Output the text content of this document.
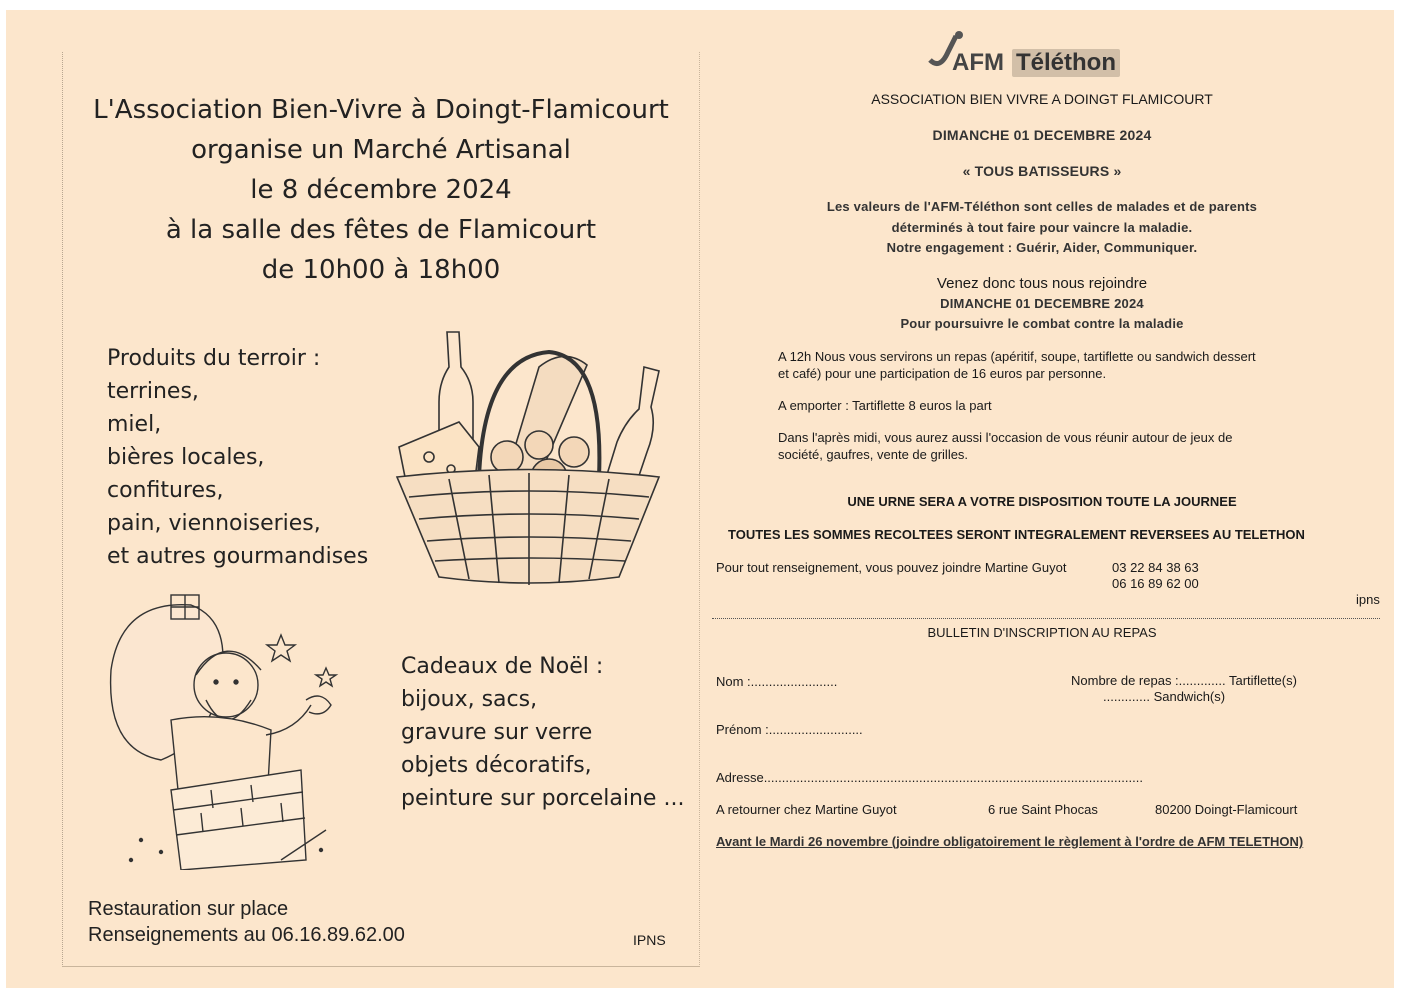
L'Association Bien-Vivre à Doingt-Flamicourt
organise un Marché Artisanal
le 8 décembre 2024
à la salle des fêtes de Flamicourt
de 10h00 à 18h00
Produits du terroir :
terrines,
miel,
bières locales,
confitures,
pain, viennoiseries,
et autres gourmandises
Cadeaux de Noël :
bijoux, sacs,
gravure sur verre
objets décoratifs,
peinture sur porcelaine ...
Restauration sur place
Renseignements au 06.16.89.62.00	IPNS
AFM Téléthon
ASSOCIATION BIEN VIVRE A DOINGT FLAMICOURT
DIMANCHE 01 DECEMBRE 2024
« TOUS BATISSEURS »
Les valeurs de l'AFM-Téléthon sont celles de malades et de parents
déterminés à tout faire pour vaincre la maladie.
Notre engagement : Guérir, Aider, Communiquer.
Venez donc tous nous rejoindre
DIMANCHE 01 DECEMBRE 2024
Pour poursuivre le combat contre la maladie
A 12h Nous vous servirons un repas (apéritif, soupe, tartiflette ou sandwich dessert
et café) pour une participation de 16 euros par personne.
A emporter : Tartiflette 8 euros la part
Dans l'après midi, vous aurez aussi l'occasion de vous réunir autour de jeux de
société, gaufres, vente de grilles.
UNE URNE SERA A VOTRE DISPOSITION TOUTE LA JOURNEE
TOUTES LES SOMMES RECOLTEES SERONT INTEGRALEMENT REVERSEES AU TELETHON
Pour tout renseignement, vous pouvez joindre Martine Guyot	03 22 84 38 63
06 16 89 62 00
ipns
BULLETIN D'INSCRIPTION AU REPAS
Nom :........................	Nombre de repas :............. Tartiflette(s)
............. Sandwich(s)
Prénom :..........................
Adresse.........................................................................................................
A retourner chez Martine Guyot	6 rue Saint Phocas	80200 Doingt-Flamicourt
Avant le Mardi 26 novembre (joindre obligatoirement le règlement à l'ordre de AFM TELETHON)
